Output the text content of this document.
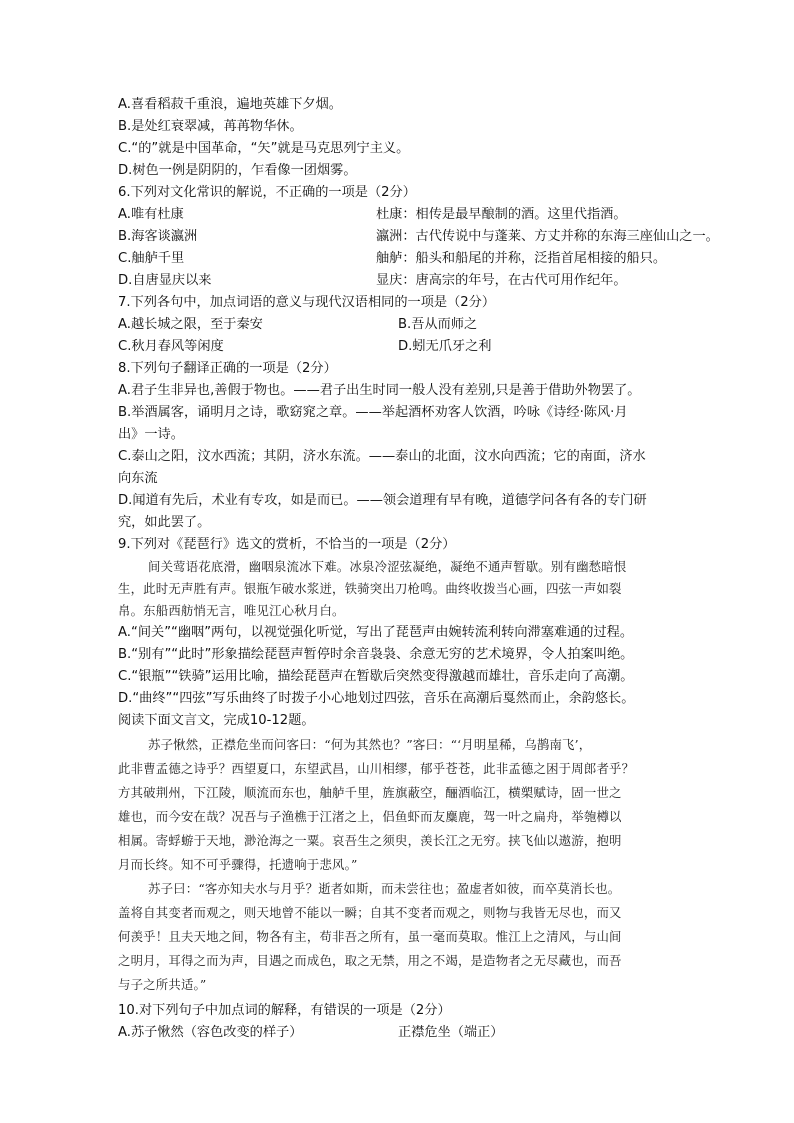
A.喜看稻菽千重浪，遍地英雄下夕烟。
B.是处红衰翠减，苒苒物华休。
C.“的”就是中国革命，“矢”就是马克思列宁主义。
D.树色一例是阴阴的，乍看像一团烟雾。
6.下列对文化常识的解说，不正确的一项是（2分）
A.唯有杜康	杜康：相传是最早酿制的酒。这里代指酒。
B.海客谈瀛洲	瀛洲：古代传说中与蓬莱、方丈并称的东海三座仙山之一。
C.舳舻千里	舳舻：船头和船尾的并称，泛指首尾相接的船只。
D.自唐显庆以来	显庆：唐高宗的年号，在古代可用作纪年。
7.下列各句中，加点词语的意义与现代汉语相同的一项是（2分）
A.越长城之限，至于秦安	B.吾从而师之
C.秋月春风等闲度	D.蚓无爪牙之利
8.下列句子翻译正确的一项是（2分）
A.君子生非异也,善假于物也。——君子出生时同一般人没有差别,只是善于借助外物罢了。
B.举酒属客，诵明月之诗，歌窈窕之章。——举起酒杯劝客人饮酒，吟咏《诗经·陈风·月
出》一诗。
C.泰山之阳，汶水西流；其阴，济水东流。——泰山的北面，汶水向西流；它的南面，济水
向东流
D.闻道有先后，术业有专攻，如是而已。——领会道理有早有晚，道德学问各有各的专门研
究，如此罢了。
9.下列对《琵琶行》选文的赏析，不恰当的一项是（2分）
间关莺语花底滑，幽咽泉流冰下难。冰泉冷涩弦凝绝，凝绝不通声暂歇。别有幽愁暗恨
生，此时无声胜有声。银瓶乍破水浆迸，铁骑突出刀枪鸣。曲终收拨当心画，四弦一声如裂
帛。东船西舫悄无言，唯见江心秋月白。
A.“间关”“幽咽”两句，以视觉强化听觉，写出了琵琶声由婉转流利转向滞塞难通的过程。
B.“别有”“此时”形象描绘琵琶声暂停时余音袅袅、余意无穷的艺术境界，令人拍案叫绝。
C.“银瓶”“铁骑”运用比喻，描绘琵琶声在暂歇后突然变得激越而雄壮，音乐走向了高潮。
D.“曲终”“四弦”写乐曲终了时拨子小心地划过四弦，音乐在高潮后戛然而止，余韵悠长。
阅读下面文言文，完成10-12题。
苏子愀然，正襟危坐而问客曰：“何为其然也？”客曰：“‘月明星稀，乌鹊南飞’，
此非曹孟德之诗乎？西望夏口，东望武昌，山川相缪，郁乎苍苍，此非孟德之困于周郎者乎？
方其破荆州，下江陵，顺流而东也，舳舻千里，旌旗蔽空，酾酒临江，横槊赋诗，固一世之
雄也，而今安在哉？况吾与子渔樵于江渚之上，侣鱼虾而友麋鹿，驾一叶之扁舟，举匏樽以
相属。寄蜉蝣于天地，渺沧海之一粟。哀吾生之须臾，羡长江之无穷。挟飞仙以遨游，抱明
月而长终。知不可乎骤得，托遗响于悲风。”
苏子曰：“客亦知夫水与月乎？逝者如斯，而未尝往也；盈虚者如彼，而卒莫消长也。
盖将自其变者而观之，则天地曾不能以一瞬；自其不变者而观之，则物与我皆无尽也，而又
何羡乎！且夫天地之间，物各有主，苟非吾之所有，虽一毫而莫取。惟江上之清风，与山间
之明月，耳得之而为声，目遇之而成色，取之无禁，用之不竭，是造物者之无尽藏也，而吾
与子之所共适。”
10.对下列句子中加点词的解释，有错误的一项是（2分）
A.苏子愀然（容色改变的样子）	正襟危坐（端正）
